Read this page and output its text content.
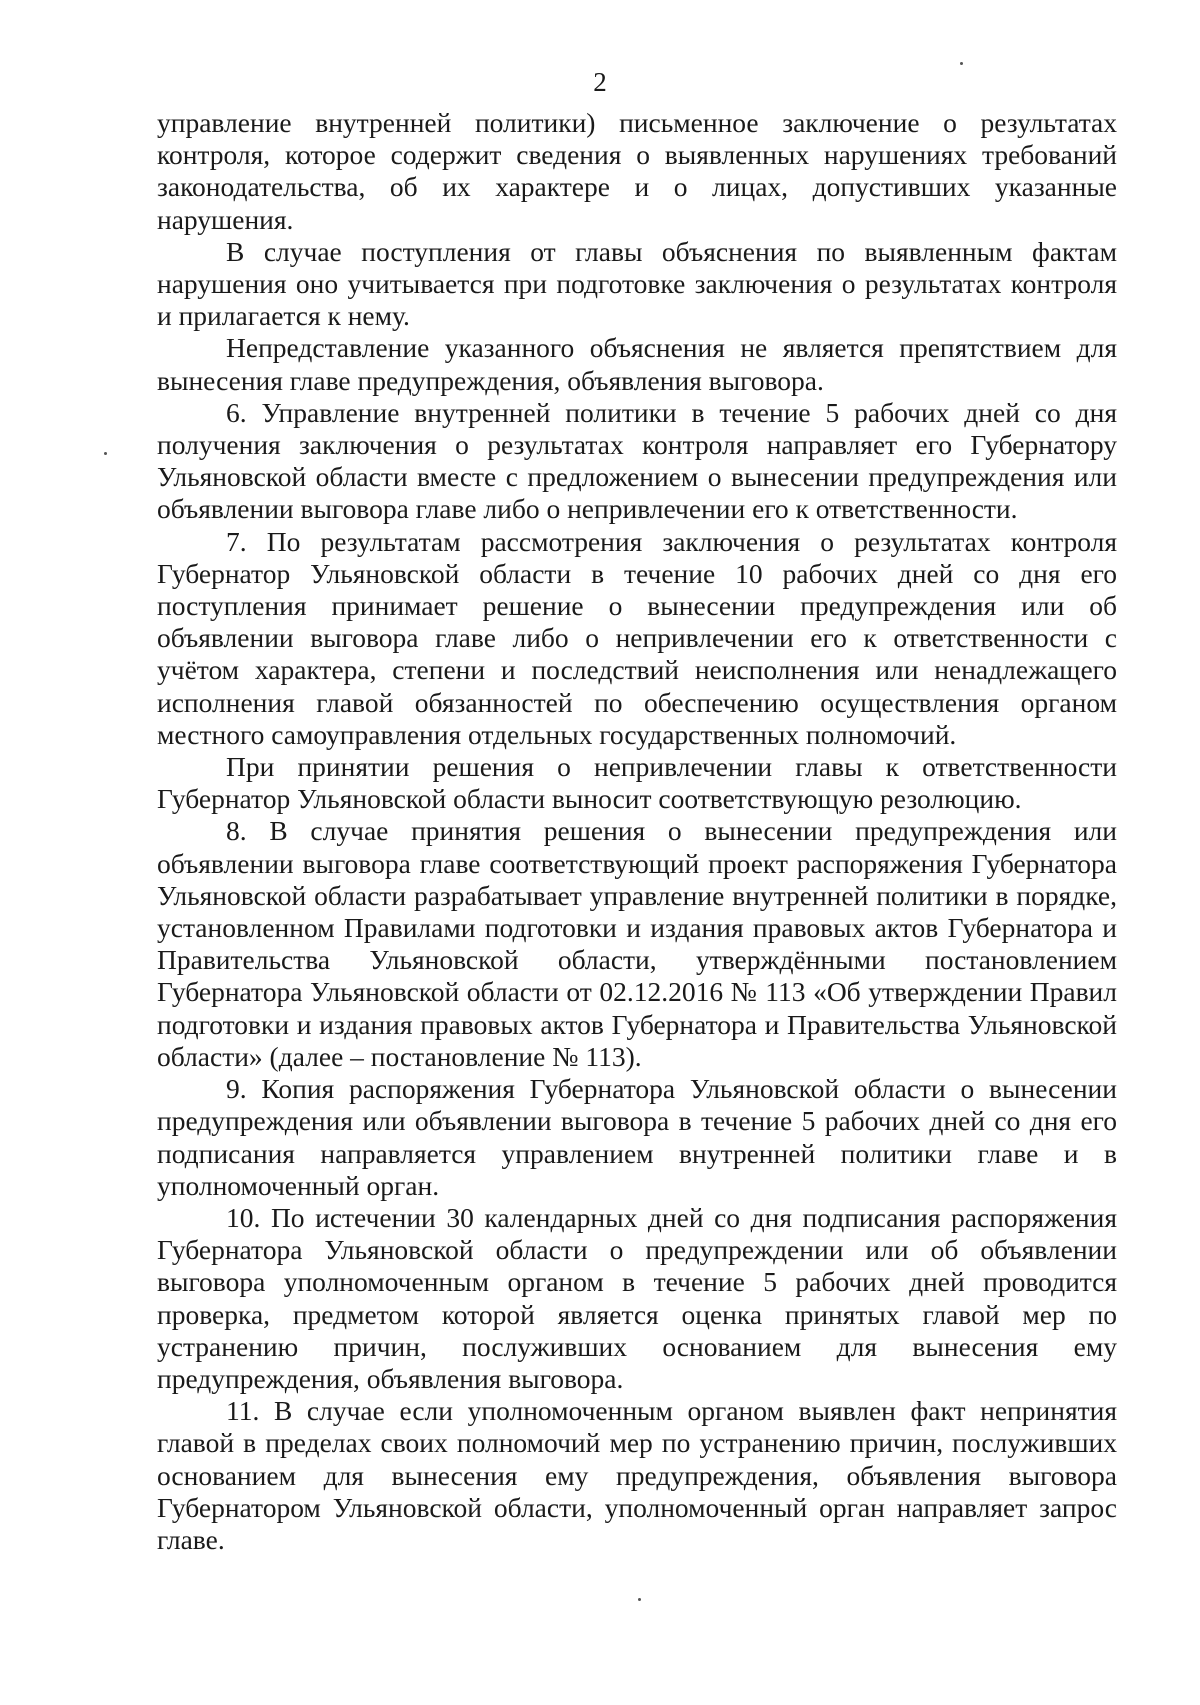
2

управление внутренней политики) письменное заключение о результатах контроля, которое содержит сведения о выявленных нарушениях требований законодательства, об их характере и о лицах, допустивших указанные нарушения.

В случае поступления от главы объяснения по выявленным фактам нарушения оно учитывается при подготовке заключения о результатах контроля и прилагается к нему.

Непредставление указанного объяснения не является препятствием для вынесения главе предупреждения, объявления выговора.

6. Управление внутренней политики в течение 5 рабочих дней со дня получения заключения о результатах контроля направляет его Губернатору Ульяновской области вместе с предложением о вынесении предупреждения или объявлении выговора главе либо о непривлечении его к ответственности.

7. По результатам рассмотрения заключения о результатах контроля Губернатор Ульяновской области в течение 10 рабочих дней со дня его поступления принимает решение о вынесении предупреждения или об объявлении выговора главе либо о непривлечении его к ответственности с учётом характера, степени и последствий неисполнения или ненадлежащего исполнения главой обязанностей по обеспечению осуществления органом местного самоуправления отдельных государственных полномочий.

При принятии решения о непривлечении главы к ответственности Губернатор Ульяновской области выносит соответствующую резолюцию.

8. В случае принятия решения о вынесении предупреждения или объявлении выговора главе соответствующий проект распоряжения Губернатора Ульяновской области разрабатывает управление внутренней политики в порядке, установленном Правилами подготовки и издания правовых актов Губернатора и Правительства Ульяновской области, утверждёнными постановлением Губернатора Ульяновской области от 02.12.2016 № 113 «Об утверждении Правил подготовки и издания правовых актов Губернатора и Правительства Ульяновской области» (далее – постановление № 113).

9. Копия распоряжения Губернатора Ульяновской области о вынесении предупреждения или объявлении выговора в течение 5 рабочих дней со дня его подписания направляется управлением внутренней политики главе и в уполномоченный орган.

10. По истечении 30 календарных дней со дня подписания распоряжения Губернатора Ульяновской области о предупреждении или об объявлении выговора уполномоченным органом в течение 5 рабочих дней проводится проверка, предметом которой является оценка принятых главой мер по устранению причин, послуживших основанием для вынесения ему предупреждения, объявления выговора.

11. В случае если уполномоченным органом выявлен факт непринятия главой в пределах своих полномочий мер по устранению причин, послуживших основанием для вынесения ему предупреждения, объявления выговора Губернатором Ульяновской области, уполномоченный орган направляет запрос главе.
